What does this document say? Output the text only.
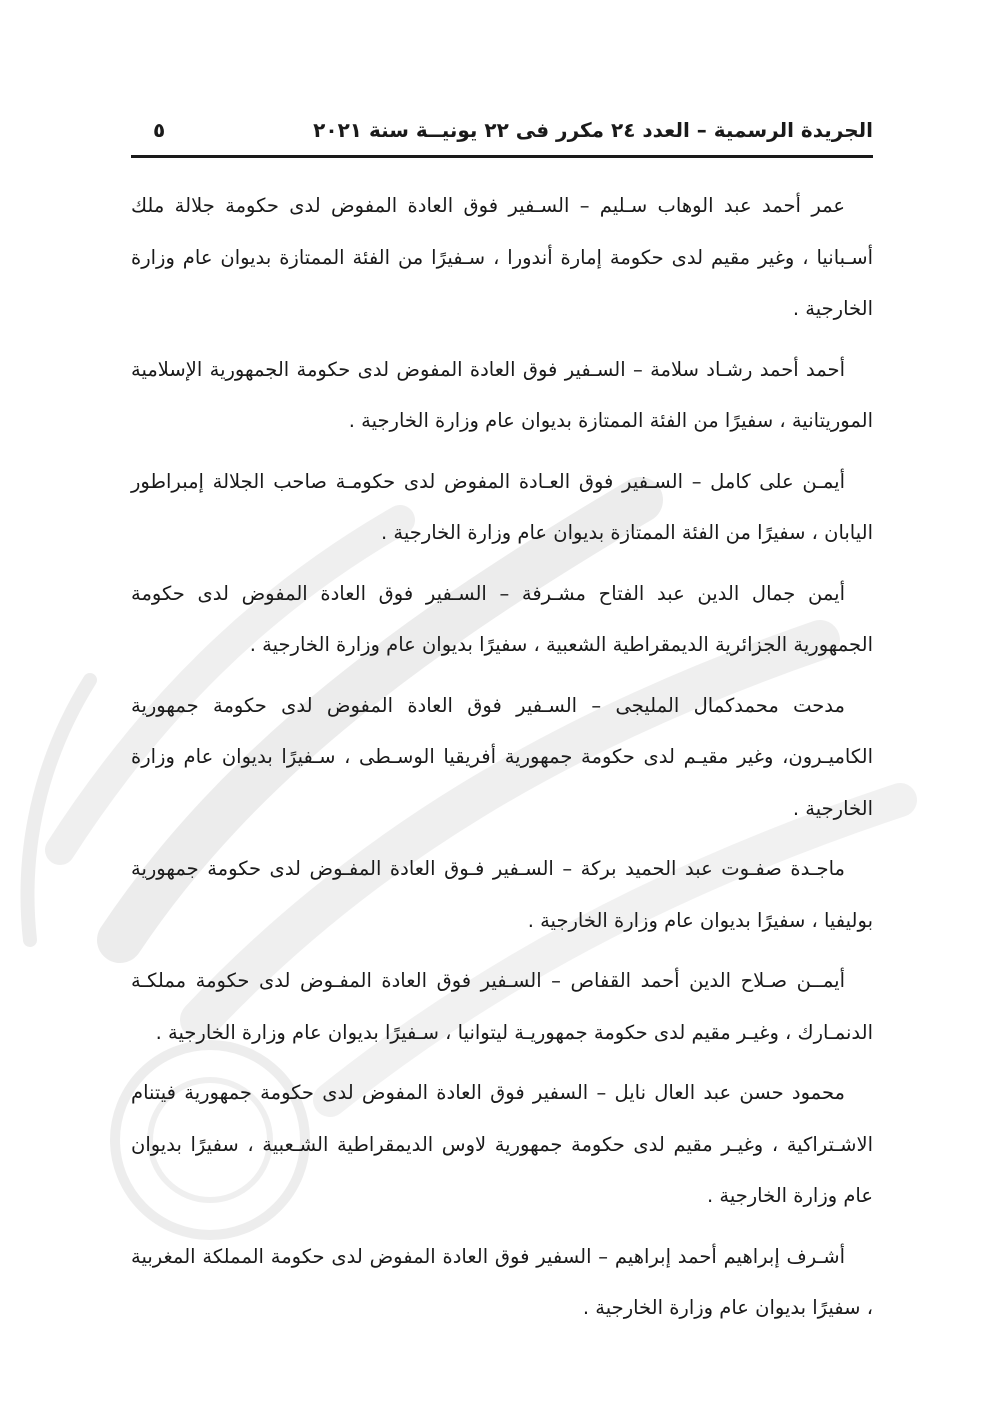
الجريدة الرسمية – العدد ٢٤ مكرر فى ٢٢ يونيــة سنة ٢٠٢١
٥

عمر أحمد عبد الوهاب سـليم – السـفير فوق العادة المفوض لدى حكومة جلالة ملك أسـبانيا ، وغير مقيم لدى حكومة إمارة أندورا ، سـفيرًا من الفئة الممتازة بديوان عام وزارة الخارجية .

أحمد أحمد رشـاد سلامة – السـفير فوق العادة المفوض لدى حكومة الجمهورية الإسلامية الموريتانية ، سفيرًا من الفئة الممتازة بديوان عام وزارة الخارجية .

أيمـن على كامل – السـفير فوق العـادة المفوض لدى حكومـة صاحب الجلالة إمبراطور اليابان ، سفيرًا من الفئة الممتازة بديوان عام وزارة الخارجية .

أيمن جمال الدين عبد الفتاح مشـرفة – السـفير فوق العادة المفوض لدى حكومة الجمهورية الجزائرية الديمقراطية الشعبية ، سفيرًا بديوان عام وزارة الخارجية .

مدحت محمدكمال المليجى – السـفير فوق العادة المفوض لدى حكومة جمهورية الكاميـرون، وغير مقيـم لدى حكومة جمهورية أفريقيا الوسـطى ، سـفيرًا بديوان عام وزارة الخارجية .

ماجـدة صفـوت عبد الحميد بركة – السـفير فـوق العادة المفـوض لدى حكومة جمهورية بوليفيا ، سفيرًا بديوان عام وزارة الخارجية .

أيمــن صـلاح الدين أحمد القفاص – السـفير فوق العادة المفـوض لدى حكومة مملكـة الدنمـارك ، وغيـر مقيم لدى حكومة جمهوريـة ليتوانيا ، سـفيرًا بديوان عام وزارة الخارجية .

محمود حسن عبد العال نايل – السفير فوق العادة المفوض لدى حكومة جمهورية فيتنام الاشـتراكية ، وغيـر مقيم لدى حكومة جمهورية لاوس الديمقراطية الشـعبية ، سفيرًا بديوان عام وزارة الخارجية .

أشـرف إبراهيم أحمد إبراهيم – السفير فوق العادة المفوض لدى حكومة المملكة المغربية ، سفيرًا بديوان عام وزارة الخارجية .
